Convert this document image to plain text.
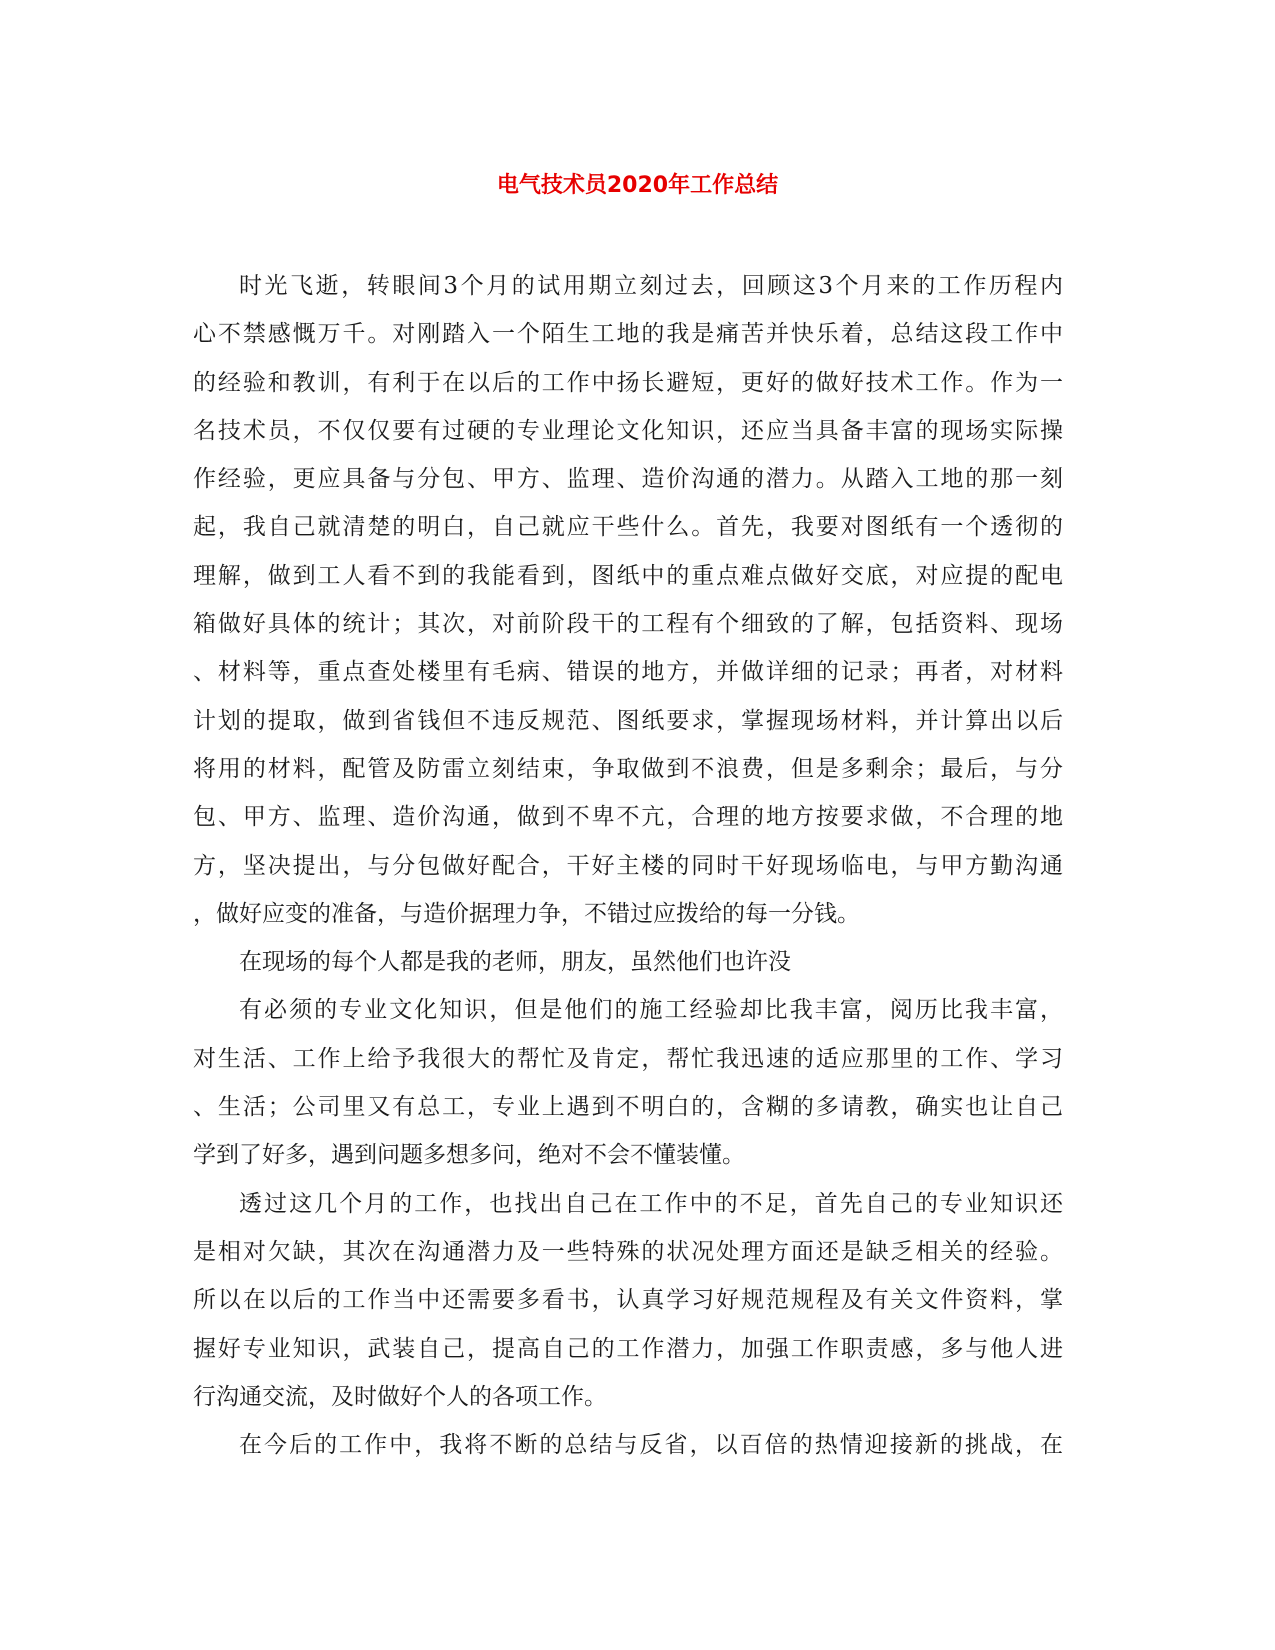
电气技术员2020年工作总结
时光飞逝，转眼间3个月的试用期立刻过去，回顾这3个月来的工作历程内
心不禁感慨万千。对刚踏入一个陌生工地的我是痛苦并快乐着，总结这段工作中
的经验和教训，有利于在以后的工作中扬长避短，更好的做好技术工作。作为一
名技术员，不仅仅要有过硬的专业理论文化知识，还应当具备丰富的现场实际操
作经验，更应具备与分包、甲方、监理、造价沟通的潜力。从踏入工地的那一刻
起，我自己就清楚的明白，自己就应干些什么。首先，我要对图纸有一个透彻的
理解，做到工人看不到的我能看到，图纸中的重点难点做好交底，对应提的配电
箱做好具体的统计；其次，对前阶段干的工程有个细致的了解，包括资料、现场
、材料等，重点查处楼里有毛病、错误的地方，并做详细的记录；再者，对材料
计划的提取，做到省钱但不违反规范、图纸要求，掌握现场材料，并计算出以后
将用的材料，配管及防雷立刻结束，争取做到不浪费，但是多剩余；最后，与分
包、甲方、监理、造价沟通，做到不卑不亢，合理的地方按要求做，不合理的地
方，坚决提出，与分包做好配合，干好主楼的同时干好现场临电，与甲方勤沟通
，做好应变的准备，与造价据理力争，不错过应拨给的每一分钱。
在现场的每个人都是我的老师，朋友，虽然他们也许没
有必须的专业文化知识，但是他们的施工经验却比我丰富，阅历比我丰富，
对生活、工作上给予我很大的帮忙及肯定，帮忙我迅速的适应那里的工作、学习
、生活；公司里又有总工，专业上遇到不明白的，含糊的多请教，确实也让自己
学到了好多，遇到问题多想多问，绝对不会不懂装懂。
透过这几个月的工作，也找出自己在工作中的不足，首先自己的专业知识还
是相对欠缺，其次在沟通潜力及一些特殊的状况处理方面还是缺乏相关的经验。
所以在以后的工作当中还需要多看书，认真学习好规范规程及有关文件资料，掌
握好专业知识，武装自己，提高自己的工作潜力，加强工作职责感，多与他人进
行沟通交流，及时做好个人的各项工作。
在今后的工作中，我将不断的总结与反省，以百倍的热情迎接新的挑战，在
